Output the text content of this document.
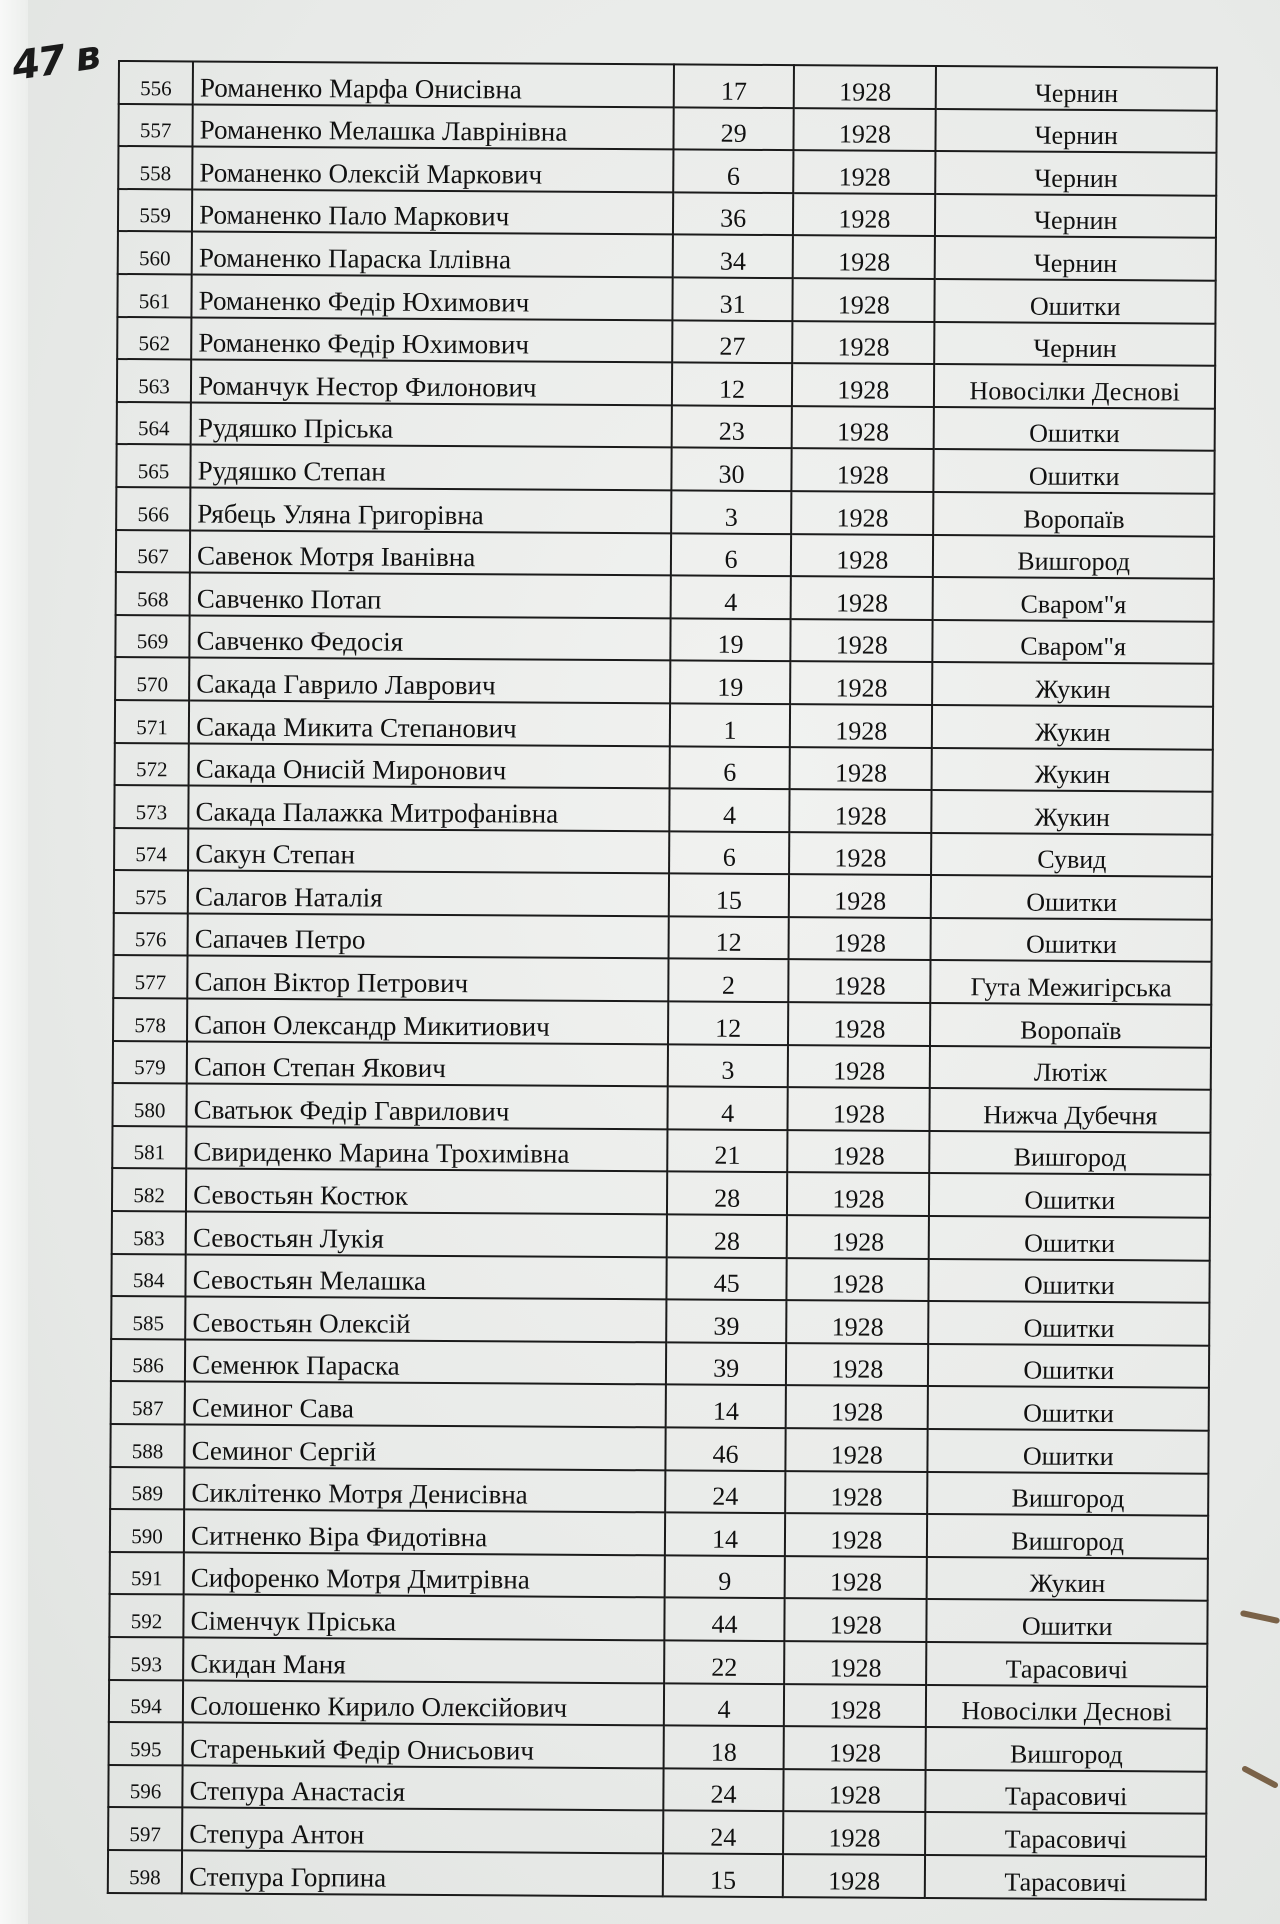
47 в 556	Романенко Марфа Онисівна	17	1928	Чернин
557	Романенко Мелашка Лаврінівна	29	1928	Чернин
558	Романенко Олексій Маркович	6	1928	Чернин
559	Романенко Пало Маркович	36	1928	Чернин
560	Романенко Параска Іллівна	34	1928	Чернин
561	Романенко Федір Юхимович	31	1928	Ошитки
562	Романенко Федір Юхимович	27	1928	Чернин
563	Романчук Нестор Филонович	12	1928	Новосілки Деснові
564	Рудяшко Пріська	23	1928	Ошитки
565	Рудяшко Степан	30	1928	Ошитки
566	Рябець Уляна Григорівна	3	1928	Воропаїв
567	Савенок Мотря Іванівна	6	1928	Вишгород
568	Савченко Потап	4	1928	Свaром"я
569	Савченко Федосія	19	1928	Свaром"я
570	Сакада Гаврило Лаврович	19	1928	Жукин
571	Сакада Микита Степанович	1	1928	Жукин
572	Сакада Онисій Миронович	6	1928	Жукин
573	Сакада Палажка Митрофанівна	4	1928	Жукин
574	Сакун Степан	6	1928	Сувид
575	Салагов Наталія	15	1928	Ошитки
576	Сапачев Петро	12	1928	Ошитки
577	Сапон Віктор Петрович	2	1928	Гута Межигірська
578	Сапон Олександр Микитиович	12	1928	Воропаїв
579	Сапон Степан Якович	3	1928	Лютіж
580	Сватьюк Федір Гаврилович	4	1928	Нижча Дубечня
581	Свириденко Марина Трохимівна	21	1928	Вишгород
582	Севостьян Костюк	28	1928	Ошитки
583	Севостьян Лукія	28	1928	Ошитки
584	Севостьян Мелашка	45	1928	Ошитки
585	Севостьян Олексій	39	1928	Ошитки
586	Семенюк Параска	39	1928	Ошитки
587	Семиног Сава	14	1928	Ошитки
588	Семиног Сергій	46	1928	Ошитки
589	Сиклітенко Мотря Денисівна	24	1928	Вишгород
590	Ситненко Віра Фидотівна	14	1928	Вишгород
591	Сифоренко Мотря Дмитрівна	9	1928	Жукин
592	Сіменчук Пріська	44	1928	Ошитки
593	Скидан Маня	22	1928	Тарасовичі
594	Солошенко Кирило Олексійович	4	1928	Новосілки Деснові
595	Старенький Федір Онисьович	18	1928	Вишгород
596	Степура Анастасія	24	1928	Тарасовичі
597	Степура Антон	24	1928	Тарасовичі
598	Степура Горпина	15	1928	Тарасовичі
